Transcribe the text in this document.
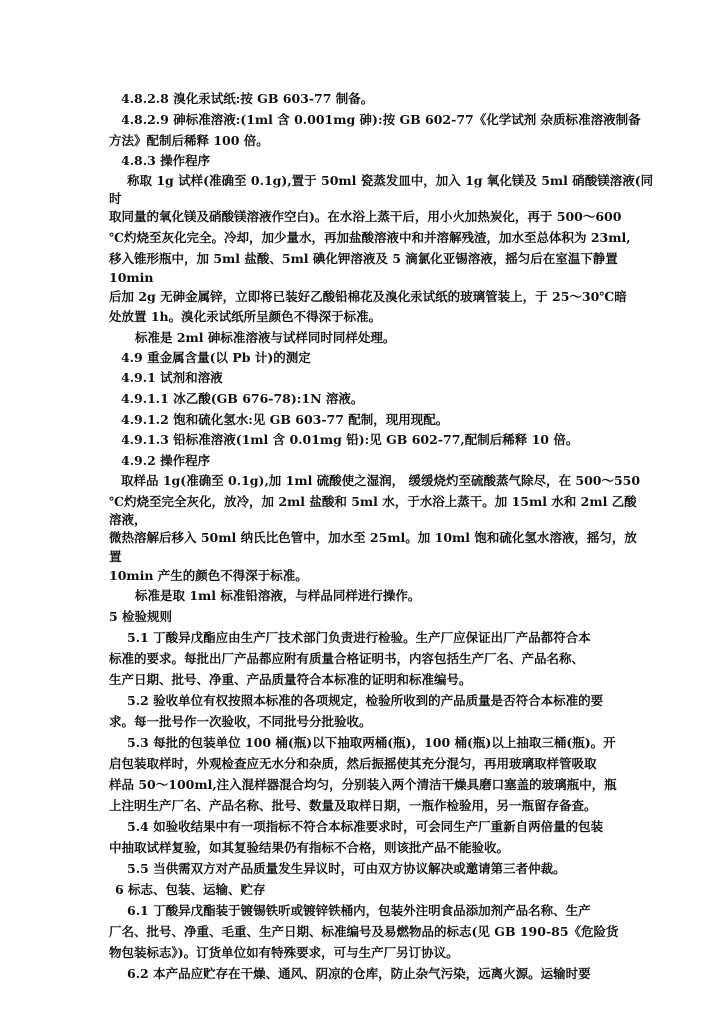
4.8.2.8 溴化汞试纸:按 GB 603-77 制备。

4.8.2.9 砷标准溶液:(1ml 含 0.001mg 砷):按 GB 602-77《化学试剂 杂质标准溶液制备

方法》配制后稀释 100 倍。

4.8.3 操作程序

称取 1g 试样(准确至 0.1g),置于 50ml 瓷蒸发皿中，加入 1g 氧化镁及 5ml 硝酸镁溶液(同

时

取同量的氧化镁及硝酸镁溶液作空白)。在水浴上蒸干后，用小火加热炭化，再于 500～600

℃灼烧至灰化完全。冷却，加少量水，再加盐酸溶液中和并溶解残渣，加水至总体积为 23ml,

移入锥形瓶中，加 5ml 盐酸、5ml 碘化钾溶液及 5 滴氯化亚锡溶液，摇匀后在室温下静置

10min

后加 2g 无砷金属锌，立即将已装好乙酸铅棉花及溴化汞试纸的玻璃管装上，于 25～30℃暗

处放置 1h。溴化汞试纸所呈颜色不得深于标准。

标准是 2ml 砷标准溶液与试样同时同样处理。

4.9 重金属含量(以 Pb 计)的测定

4.9.1 试剂和溶液

4.9.1.1 冰乙酸(GB 676-78):1N 溶液。

4.9.1.2 饱和硫化氢水:见 GB 603-77 配制，现用现配。

4.9.1.3 铅标准溶液(1ml 含 0.01mg 铅):见 GB 602-77,配制后稀释 10 倍。

4.9.2 操作程序

取样品 1g(准确至 0.1g),加 1ml 硫酸使之湿润， 缓缓烧灼至硫酸蒸气除尽，在 500～550

℃灼烧至完全灰化，放冷，加 2ml 盐酸和 5ml 水，于水浴上蒸干。加 15ml 水和 2ml 乙酸

溶液，

微热溶解后移入 50ml 纳氏比色管中，加水至 25ml。加 10ml 饱和硫化氢水溶液，摇匀，放

置

10min 产生的颜色不得深于标准。

标准是取 1ml 标准铅溶液，与样品同样进行操作。

5 检验规则

5.1 丁酸异戊酯应由生产厂技术部门负责进行检验。生产厂应保证出厂产品都符合本

标准的要求。每批出厂产品都应附有质量合格证明书，内容包括生产厂名、产品名称、

生产日期、批号、净重、产品质量符合本标准的证明和标准编号。

5.2 验收单位有权按照本标准的各项规定，检验所收到的产品质量是否符合本标准的要

求。每一批号作一次验收，不同批号分批验收。

5.3 每批的包装单位 100 桶(瓶)以下抽取两桶(瓶)，100 桶(瓶)以上抽取三桶(瓶)。开

启包装取样时，外观检查应无水分和杂质，然后振摇使其充分混匀，再用玻璃取样管吸取

样品 50～100ml,注入混样器混合均匀，分别装入两个清洁干燥具磨口塞盖的玻璃瓶中，瓶

上注明生产厂名、产品名称、批号、数量及取样日期，一瓶作检验用，另一瓶留存备查。

5.4 如验收结果中有一项指标不符合本标准要求时，可会同生产厂重新自两倍量的包装

中抽取试样复验，如其复验结果仍有指标不合格，则该批产品不能验收。

5.5 当供需双方对产品质量发生异议时，可由双方协议解决或邀请第三者仲裁。

6 标志、包装、运输、贮存

6.1 丁酸异戊酯装于镀锡铁听或镀锌铁桶内，包装外注明食品添加剂产品名称、生产

厂名、批号、净重、毛重、生产日期、标准编号及易燃物品的标志(见 GB 190-85《危险货

物包装标志》)。订货单位如有特殊要求，可与生产厂另订协议。

6.2 本产品应贮存在干燥、通风、阴凉的仓库，防止杂气污染，远离火源。运输时要
